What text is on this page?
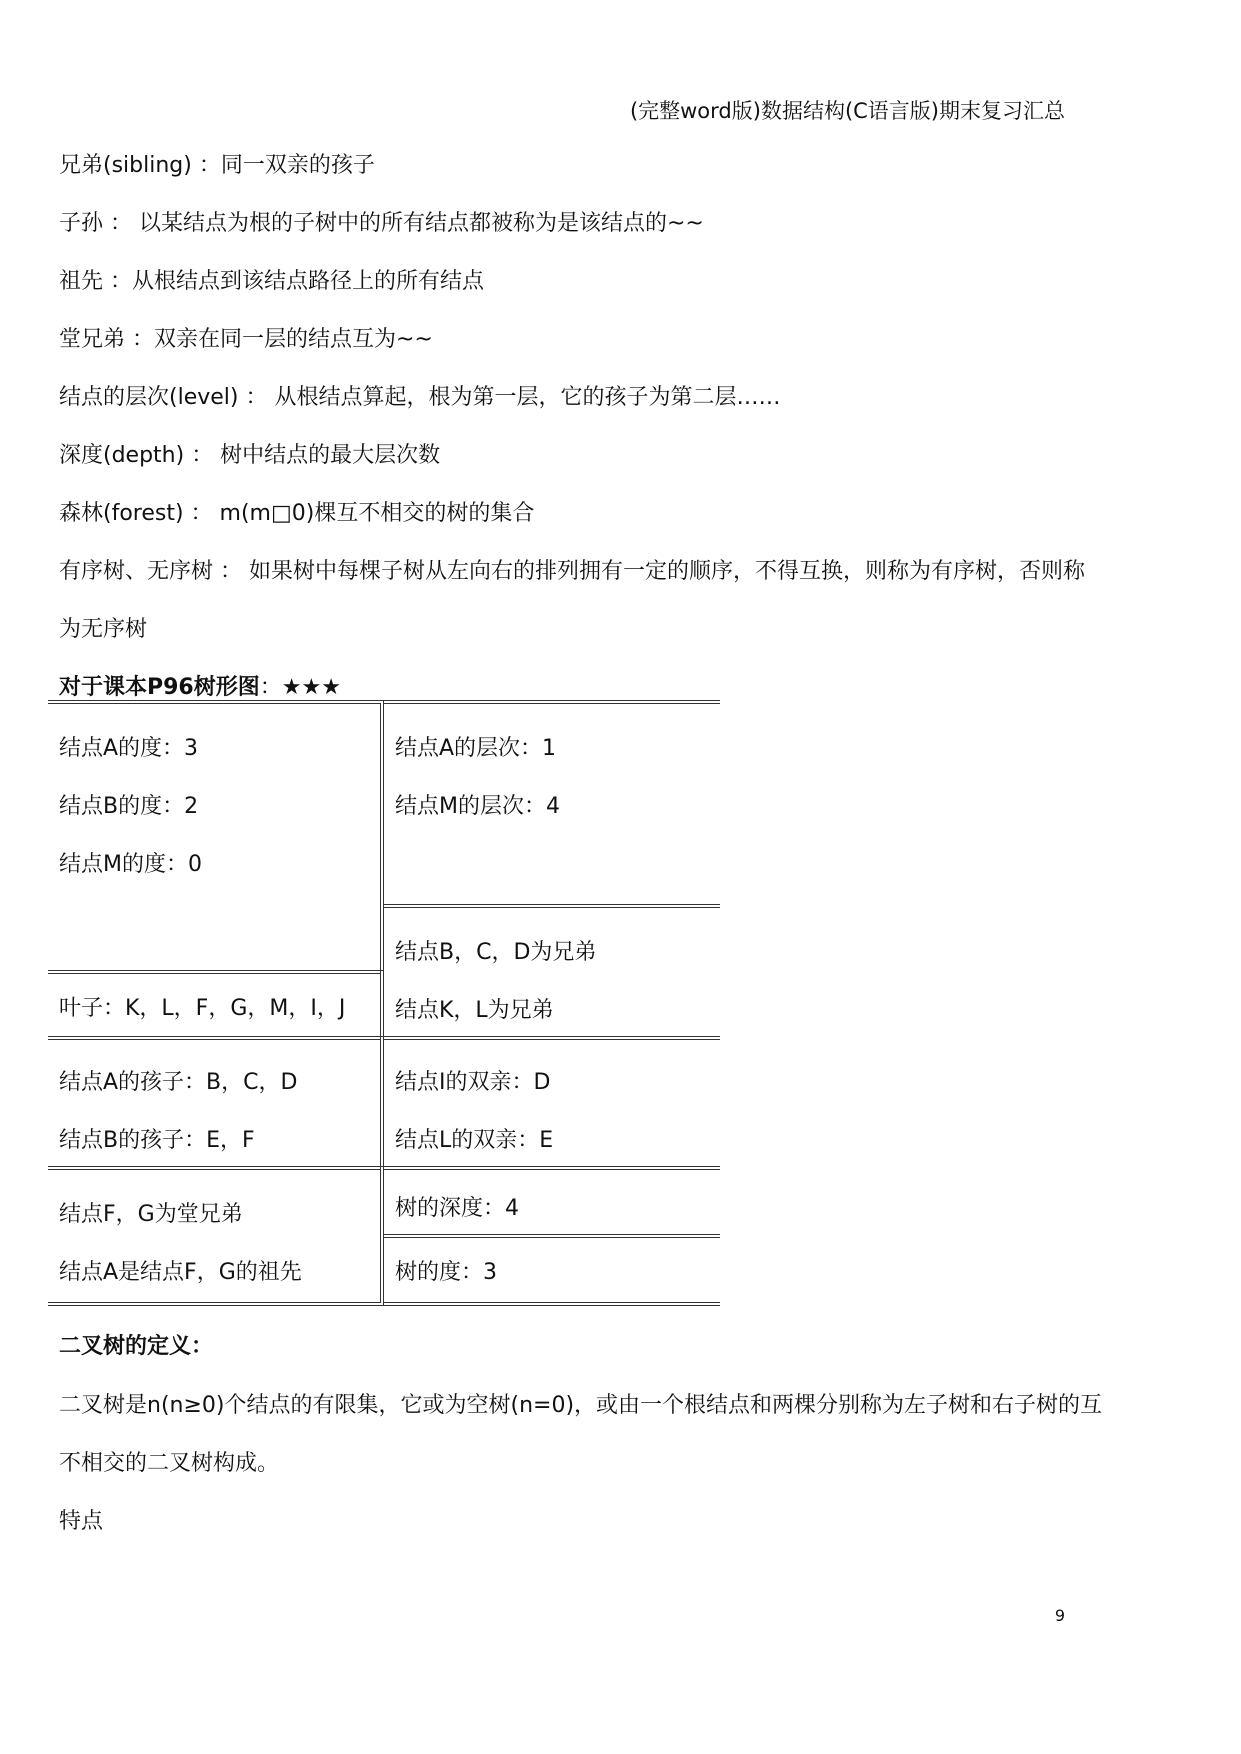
(完整word版)数据结构(C语言版)期末复习汇总
兄弟(sibling) ：同一双亲的孩子
子孙 ： 以某结点为根的子树中的所有结点都被称为是该结点的~~
祖先 ：从根结点到该结点路径上的所有结点
堂兄弟 ：双亲在同一层的结点互为~~
结点的层次(level) ： 从根结点算起，根为第一层，它的孩子为第二层……
深度(depth) ： 树中结点的最大层次数
森林(forest) ： m(m□0)棵互不相交的树的集合
有序树、无序树 ： 如果树中每棵子树从左向右的排列拥有一定的顺序，不得互换，则称为有序树，否则称
为无序树
对于课本P96树形图：★★★
结点A的度：3
结点B的度：2
结点M的度：0
叶子：K，L，F，G，M，I，J
结点A的孩子：B，C，D
结点B的孩子：E，F
结点F，G为堂兄弟
结点A是结点F，G的祖先
结点A的层次：1
结点M的层次：4
结点B，C，D为兄弟
结点K，L为兄弟
结点I的双亲：D
结点L的双亲：E
树的深度：4
树的度：3
二叉树的定义：
二叉树是n(n≥0)个结点的有限集，它或为空树(n=0)，或由一个根结点和两棵分别称为左子树和右子树的互
不相交的二叉树构成。
特点
9
